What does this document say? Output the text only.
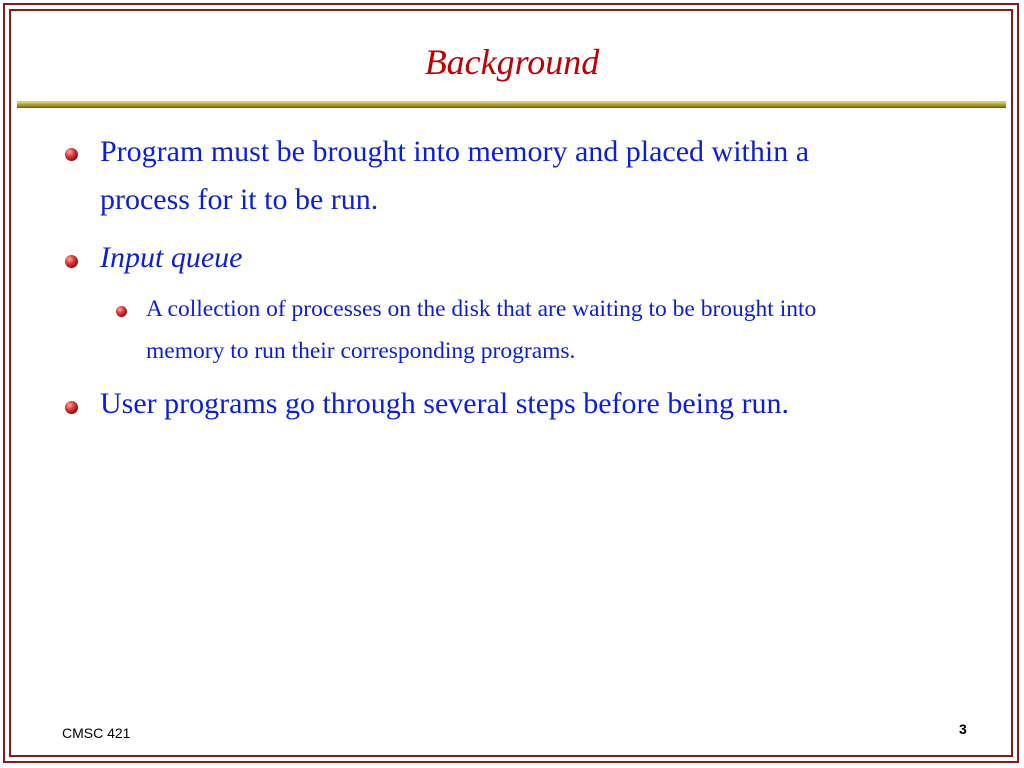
Background
Program must be brought into memory and placed within a
process for it to be run.
Input queue
A collection of processes on the disk that are waiting to be brought into
memory to run their corresponding programs.
User programs go through several steps before being run.
CMSC 421	3
